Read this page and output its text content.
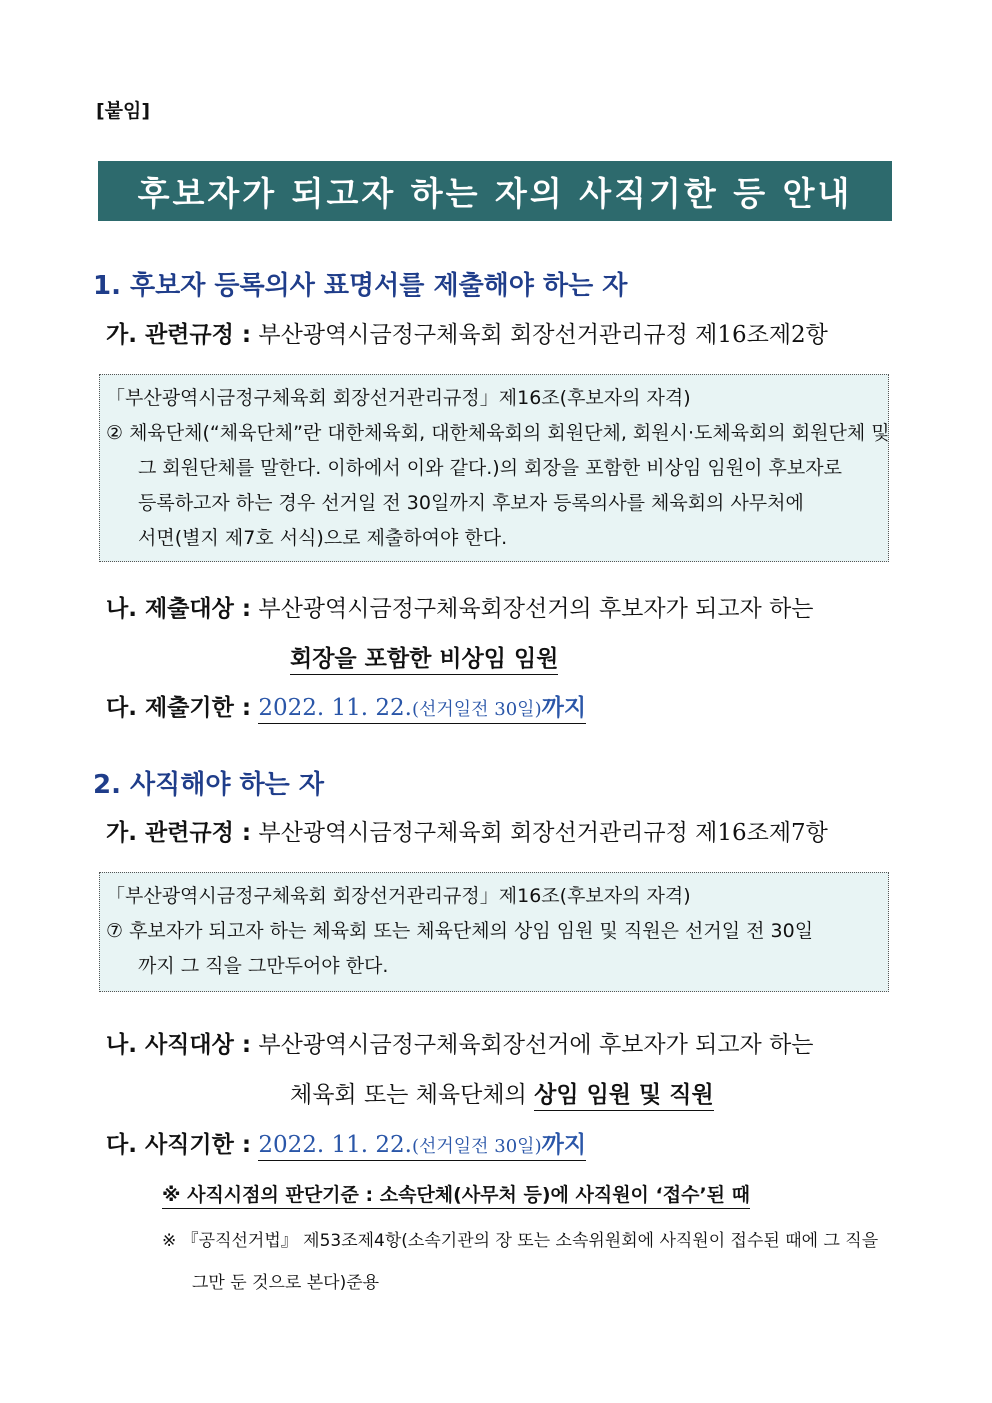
[붙임]
후보자가 되고자 하는 자의 사직기한 등 안내
1. 후보자 등록의사 표명서를 제출해야 하는 자
가. 관련규정 : 부산광역시금정구체육회 회장선거관리규정 제16조제2항
「부산광역시금정구체육회 회장선거관리규정」제16조(후보자의 자격)
② 체육단체(“체육단체”란 대한체육회, 대한체육회의 회원단체, 회원시·도체육회의 회원단체 및
그 회원단체를 말한다. 이하에서 이와 같다.)의 회장을 포함한 비상임 임원이 후보자로
등록하고자 하는 경우 선거일 전 30일까지 후보자 등록의사를 체육회의 사무처에
서면(별지 제7호 서식)으로 제출하여야 한다.
나. 제출대상 : 부산광역시금정구체육회장선거의 후보자가 되고자 하는
회장을 포함한 비상임 임원
다. 제출기한 : 2022. 11. 22.(선거일전 30일)까지
2. 사직해야 하는 자
가. 관련규정 : 부산광역시금정구체육회 회장선거관리규정 제16조제7항
「부산광역시금정구체육회 회장선거관리규정」제16조(후보자의 자격)
⑦ 후보자가 되고자 하는 체육회 또는 체육단체의 상임 임원 및 직원은 선거일 전 30일
까지 그 직을 그만두어야 한다.
나. 사직대상 : 부산광역시금정구체육회장선거에 후보자가 되고자 하는
체육회 또는 체육단체의 상임 임원 및 직원
다. 사직기한 : 2022. 11. 22.(선거일전 30일)까지
※ 사직시점의 판단기준 : 소속단체(사무처 등)에 사직원이 ‘접수’된 때
※ 『공직선거법』 제53조제4항(소속기관의 장 또는 소속위원회에 사직원이 접수된 때에 그 직을
그만 둔 것으로 본다)준용
